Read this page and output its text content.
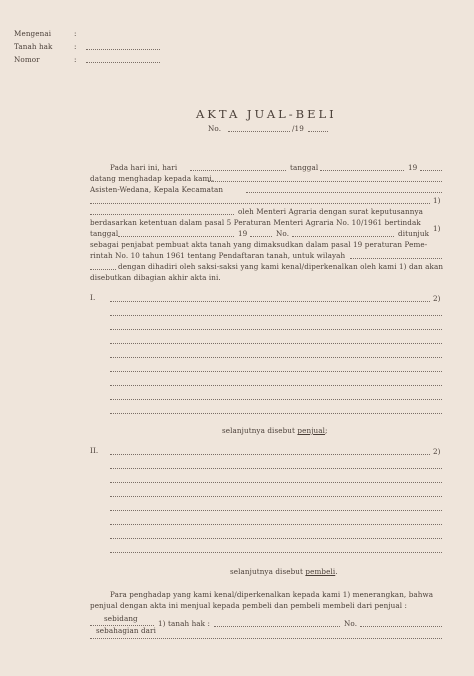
Mengenai	:
Tanah hak	:
Nomor	:
AKTA JUAL-BELI
No.	/19
Pada hari ini, hari	tanggal	19
datang menghadap kepada kami,
Asisten-Wedana, Kepala Kecamatan
1)
oleh Menteri Agraria dengan surat keputusannya
berdasarkan ketentuan dalam pasal 5 Peraturan Menteri Agraria No. 10/1961 bertindak
1)
tanggal	19	No.	ditunjuk
sebagai penjabat pembuat akta tanah yang dimaksudkan dalam pasal 19 peraturan Peme-
rintah No. 10 tahun 1961 tentang Pendaftaran tanah, untuk wilayah
dengan dihadiri oleh saksi-saksi yang kami kenal/diperkenalkan oleh kami 1) dan akan
disebutkan dibagian akhir akta ini.
I.	2)
selanjutnya disebut penjual;
II.	2)
selanjutnya disebut pembeli.
Para penghadap yang kami kenal/diperkenalkan kepada kami 1) menerangkan, bahwa
penjual dengan akta ini menjual kepada pembeli dan pembeli membeli dari penjual :
sebidang
sebahagian dari
1) tanah hak :	No.
